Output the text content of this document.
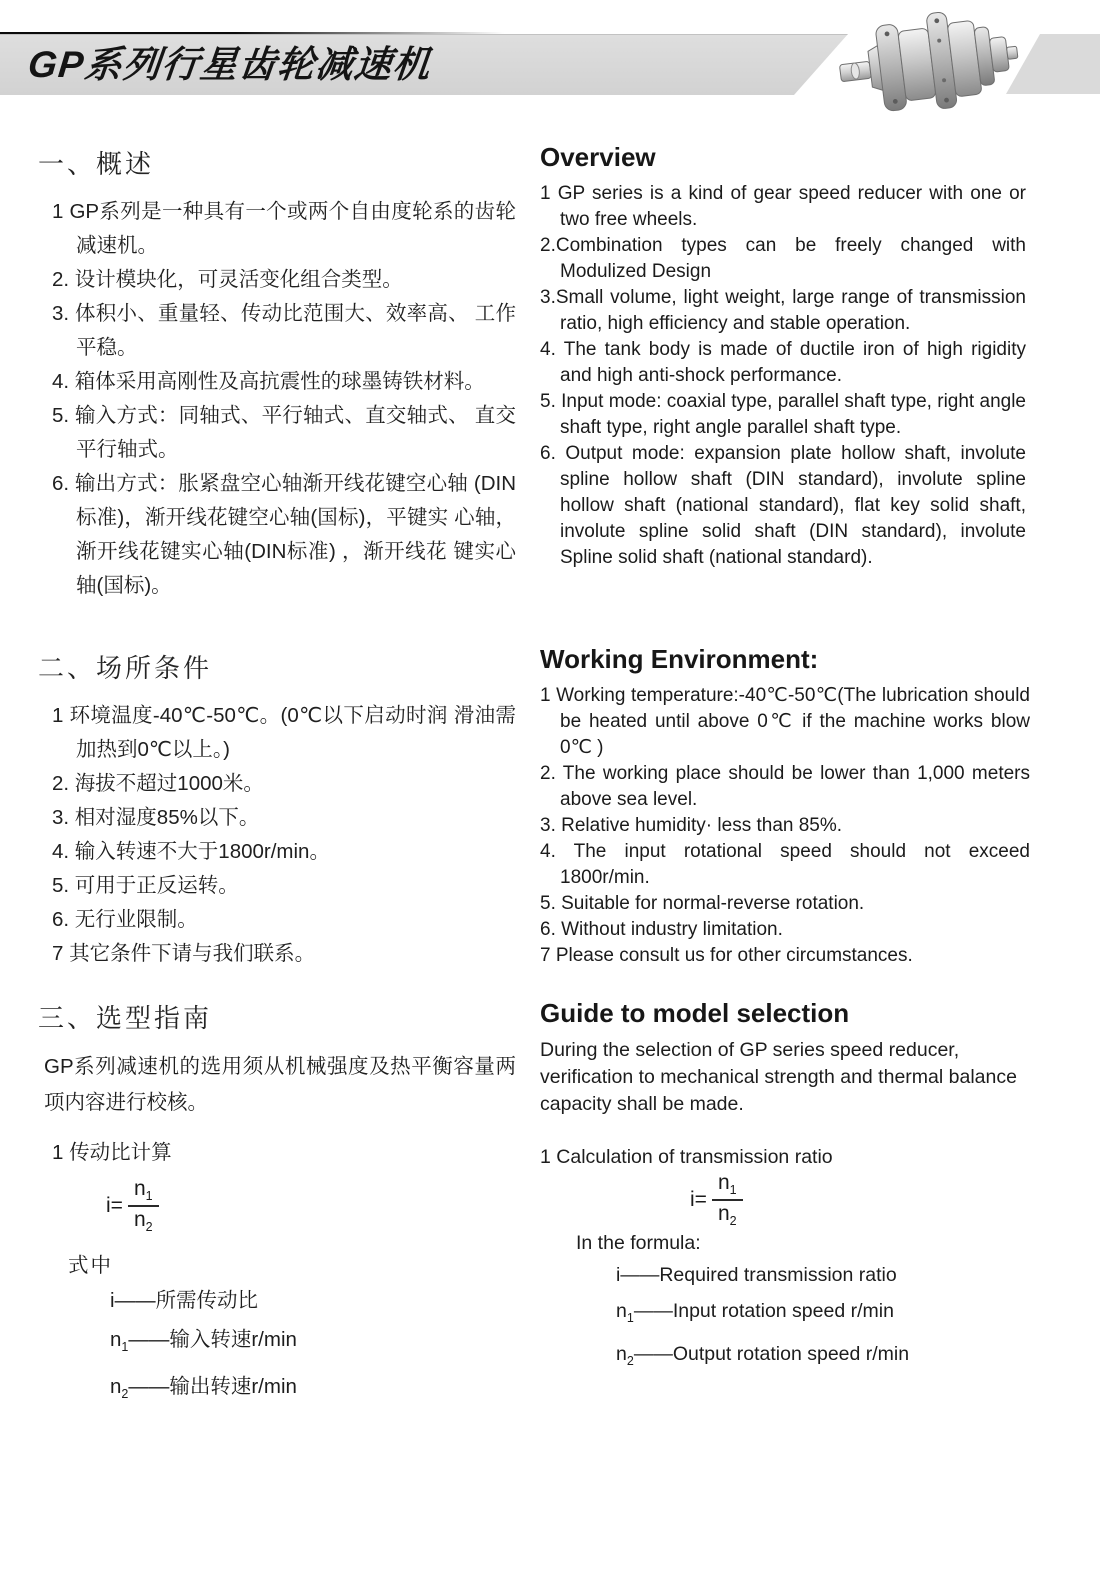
GP系列行星齿轮减速机
一、概述
1 GP系列是一种具有一个或两个自由度轮系的齿轮减速机。
2. 设计模块化，可灵活变化组合类型。
3. 体积小、重量轻、传动比范围大、效率高、 工作平稳。
4. 箱体采用高刚性及高抗震性的球墨铸铁材料。
5. 输入方式：同轴式、平行轴式、直交轴式、 直交平行轴式。
6. 输出方式：胀紧盘空心轴渐开线花键空心轴 (DIN标准)，渐开线花键空心轴(国标)，平键实 心轴，渐开线花键实心轴(DIN标准) ，渐开线花 键实心轴(国标)。
Overview
1 GP series is a kind of gear speed reducer with one or two free wheels.
2.Combination types can be freely changed with Modulized Design
3.Small volume, light weight, large range of transmission ratio, high efficiency and stable operation.
4. The tank body is made of ductile iron of high rigidity and high anti-shock performance.
5. Input mode: coaxial type, parallel shaft type, right angle shaft type, right angle parallel shaft type.
6. Output mode: expansion plate hollow shaft, involute spline hollow shaft (DIN standard), involute spline hollow shaft (national standard), flat key solid shaft, involute spline solid shaft (DIN standard), involute Spline solid shaft (national standard).
二、场所条件
1 环境温度-40℃-50℃。(0℃以下启动时润 滑油需加热到0℃以上。)
2. 海拔不超过1000米。
3. 相对湿度85%以下。
4. 输入转速不大于1800r/min。
5. 可用于正反运转。
6. 无行业限制。
7 其它条件下请与我们联系。
Working Environment:
1 Working temperature:-40℃-50℃(The lubrication should be heated until above 0℃ if the machine works blow 0℃ )
2. The working place should be lower than 1,000 meters above sea level.
3. Relative humidity· less than 85%.
4. The input rotational speed should not exceed 1800r/min.
5. Suitable for normal-reverse rotation.
6. Without industry limitation.
7 Please consult us for other circumstances.
三、选型指南
GP系列减速机的选用须从机械强度及热平衡容量两项内容进行校核。
1 传动比计算
$i= \frac{n_1}{n_2}$
式中
i——所需传动比
$n_1——$输入转速r/min
$n_2——$输出转速r/min
Guide to model selection
During the selection of GP series speed reducer, verification to mechanical strength and thermal balance capacity shall be made.
1 Calculation of transmission ratio
$i= \frac{n_1}{n_2}$
In the formula:
i——Required transmission ratio
$n_1——Input$ rotation speed r/min
$n_2——Output$ rotation speed r/min
